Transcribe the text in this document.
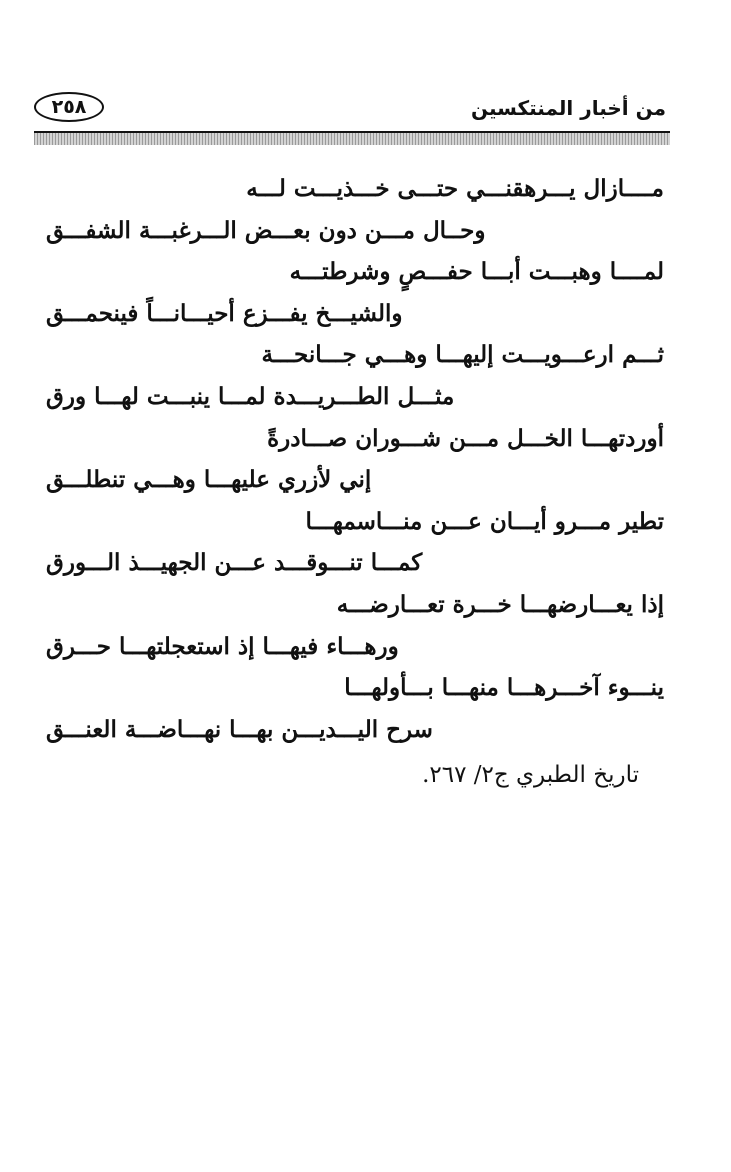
من أخبار المنتكسين
٢٥٨
مــــازال يـــرهقنـــي حتـــى خـــذيـــت لـــه
وحــال مـــن دون بعـــض الـــرغبـــة الشفـــق
لمــــا وهبـــت أبـــا حفـــصٍ وشرطتـــه
والشيـــخ يفـــزع أحيـــانـــاً فينحمـــق
ثـــم ارعـــويـــت إليهـــا وهـــي جـــانحـــة
مثـــل الطـــريـــدة لمـــا ينبـــت لهـــا ورق
أوردتهـــا الخـــل مـــن شـــوران صـــادرةً
إني لأزري عليهـــا وهـــي تنطلـــق
تطير مـــرو أيـــان عـــن منـــاسمهـــا
كمـــا تنـــوقـــد عـــن الجهيـــذ الـــورق
إذا يعـــارضهـــا خـــرة تعـــارضـــه
ورهـــاء فيهـــا إذ استعجلتهـــا حـــرق
ينـــوء آخـــرهـــا منهـــا بـــأولهـــا
سرح اليـــديـــن بهـــا نهـــاضـــة العنـــق
تاريخ الطبري ج٢/ ٢٦٧.
